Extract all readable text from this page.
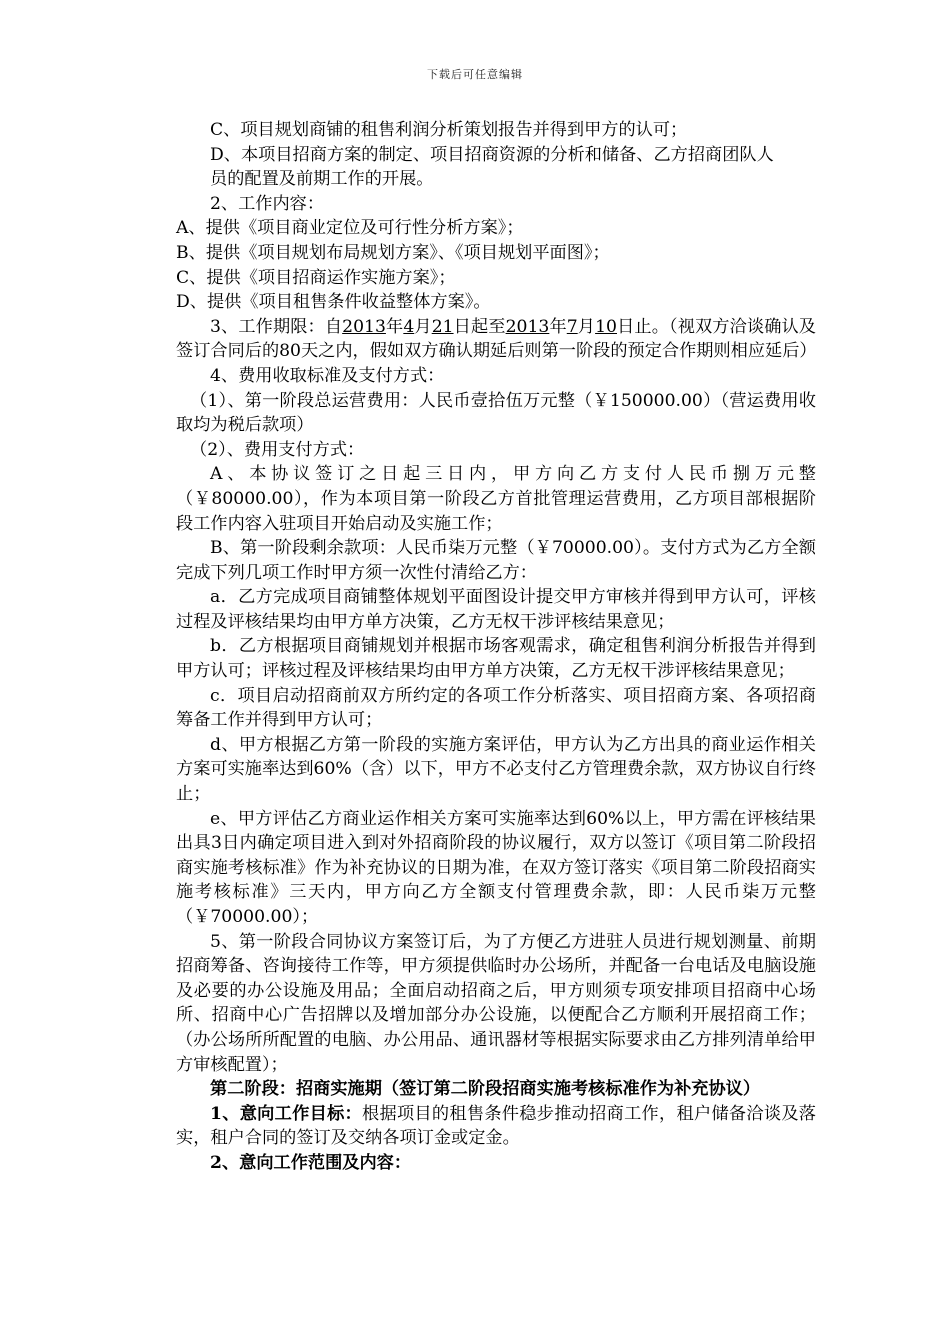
下载后可任意编辑

C、项目规划商铺的租售利润分析策划报告并得到甲方的认可；

D、本项目招商方案的制定、项目招商资源的分析和储备、乙方招商团队人

员的配置及前期工作的开展。

2、工作内容：

A、提供《项目商业定位及可行性分析方案》；

B、提供《项目规划布局规划方案》、《项目规划平面图》；

C、提供《项目招商运作实施方案》；

D、提供《项目租售条件收益整体方案》。

3、工作期限：自2013年4月21日起至2013年7月10日止。（视双方洽谈确认及签订合同后的80天之内，假如双方确认期延后则第一阶段的预定合作期则相应延后）

4、费用收取标准及支付方式：

（1）、第一阶段总运营费用：人民币壹拾伍万元整（￥150000.00）（营运费用收取均为税后款项）

（2）、费用支付方式：

A、本协议签订之日起三日内，甲方向乙方支付人民币捌万元整（￥80000.00），作为本项目第一阶段乙方首批管理运营费用，乙方项目部根据阶段工作内容入驻项目开始启动及实施工作；

B、第一阶段剩余款项：人民币柒万元整（￥70000.00）。支付方式为乙方全额完成下列几项工作时甲方须一次性付清给乙方：

a．乙方完成项目商铺整体规划平面图设计提交甲方审核并得到甲方认可，评核过程及评核结果均由甲方单方决策，乙方无权干涉评核结果意见；

b．乙方根据项目商铺规划并根据市场客观需求，确定租售利润分析报告并得到甲方认可；评核过程及评核结果均由甲方单方决策，乙方无权干涉评核结果意见；

c．项目启动招商前双方所约定的各项工作分析落实、项目招商方案、各项招商筹备工作并得到甲方认可；

d、甲方根据乙方第一阶段的实施方案评估，甲方认为乙方出具的商业运作相关方案可实施率达到60%（含）以下，甲方不必支付乙方管理费余款，双方协议自行终止；

e、甲方评估乙方商业运作相关方案可实施率达到60%以上，甲方需在评核结果出具3日内确定项目进入到对外招商阶段的协议履行，双方以签订《项目第二阶段招商实施考核标准》作为补充协议的日期为准，在双方签订落实《项目第二阶段招商实施考核标准》三天内，甲方向乙方全额支付管理费余款，即：人民币柒万元整（￥70000.00）；

5、第一阶段合同协议方案签订后，为了方便乙方进驻人员进行规划测量、前期招商筹备、咨询接待工作等，甲方须提供临时办公场所，并配备一台电话及电脑设施及必要的办公设施及用品；全面启动招商之后，甲方则须专项安排项目招商中心场所、招商中心广告招牌以及增加部分办公设施，以便配合乙方顺利开展招商工作；（办公场所所配置的电脑、办公用品、通讯器材等根据实际要求由乙方排列清单给甲方审核配置）；

第二阶段：招商实施期（签订第二阶段招商实施考核标准作为补充协议）

1、意向工作目标：根据项目的租售条件稳步推动招商工作，租户储备洽谈及落实，租户合同的签订及交纳各项订金或定金。

2、意向工作范围及内容：
